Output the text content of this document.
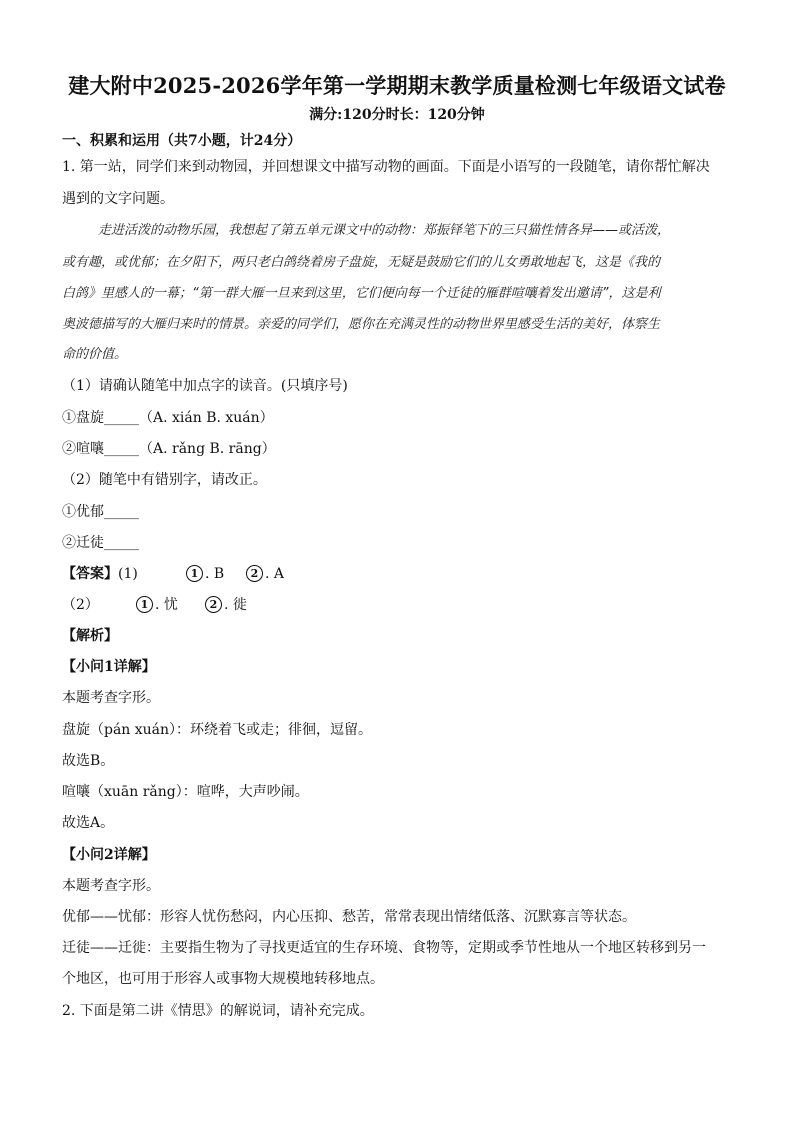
建大附中2025-2026学年第一学期期末教学质量检测七年级语文试卷
满分:120分时长：120分钟
一、积累和运用（共7小题，计24分）
1. 第一站，同学们来到动物园，并回想课文中描写动物的画面。下面是小语写的一段随笔，请你帮忙解决
遇到的文字问题。
走进活泼的动物乐园，我想起了第五单元课文中的动物：郑振铎笔下的三只猫性情各异——或活泼，
或有趣，或优郁；在夕阳下，两只老白鸽绕着房子盘旋，无疑是鼓励它们的儿女勇敢地起飞，这是《我的
白鸽》里感人的一幕；“第一群大雁一旦来到这里，它们便向每一个迁徒的雁群喧嚷着发出邀请”，这是利
奥波德描写的大雁归来时的情景。亲爱的同学们，愿你在充满灵性的动物世界里感受生活的美好，体察生
命的价值。
（1）请确认随笔中加点字的读音。(只填序号)
①盘旋_____（A. xián B. xuán）
②喧嚷_____（A. rǎng B. rāng）
（2）随笔中有错别字，请改正。
①优郁_____
②迁徒_____
【答案】(1)	1 . B	2 . A
（2）	1 . 忧	2 . 徙
【解析】
【小问1详解】
本题考查字形。
盘旋（pán xuán）：环绕着飞或走；徘徊，逗留。
故选B。
喧嚷（xuān rǎng）：喧哗，大声吵闹。
故选A。
【小问2详解】
本题考查字形。
优郁——忧郁：形容人忧伤愁闷，内心压抑、愁苦，常常表现出情绪低落、沉默寡言等状态。
迁徒——迁徙：主要指生物为了寻找更适宜的生存环境、食物等，定期或季节性地从一个地区转移到另一
个地区，也可用于形容人或事物大规模地转移地点。
2. 下面是第二讲《情思》的解说词，请补充完成。
